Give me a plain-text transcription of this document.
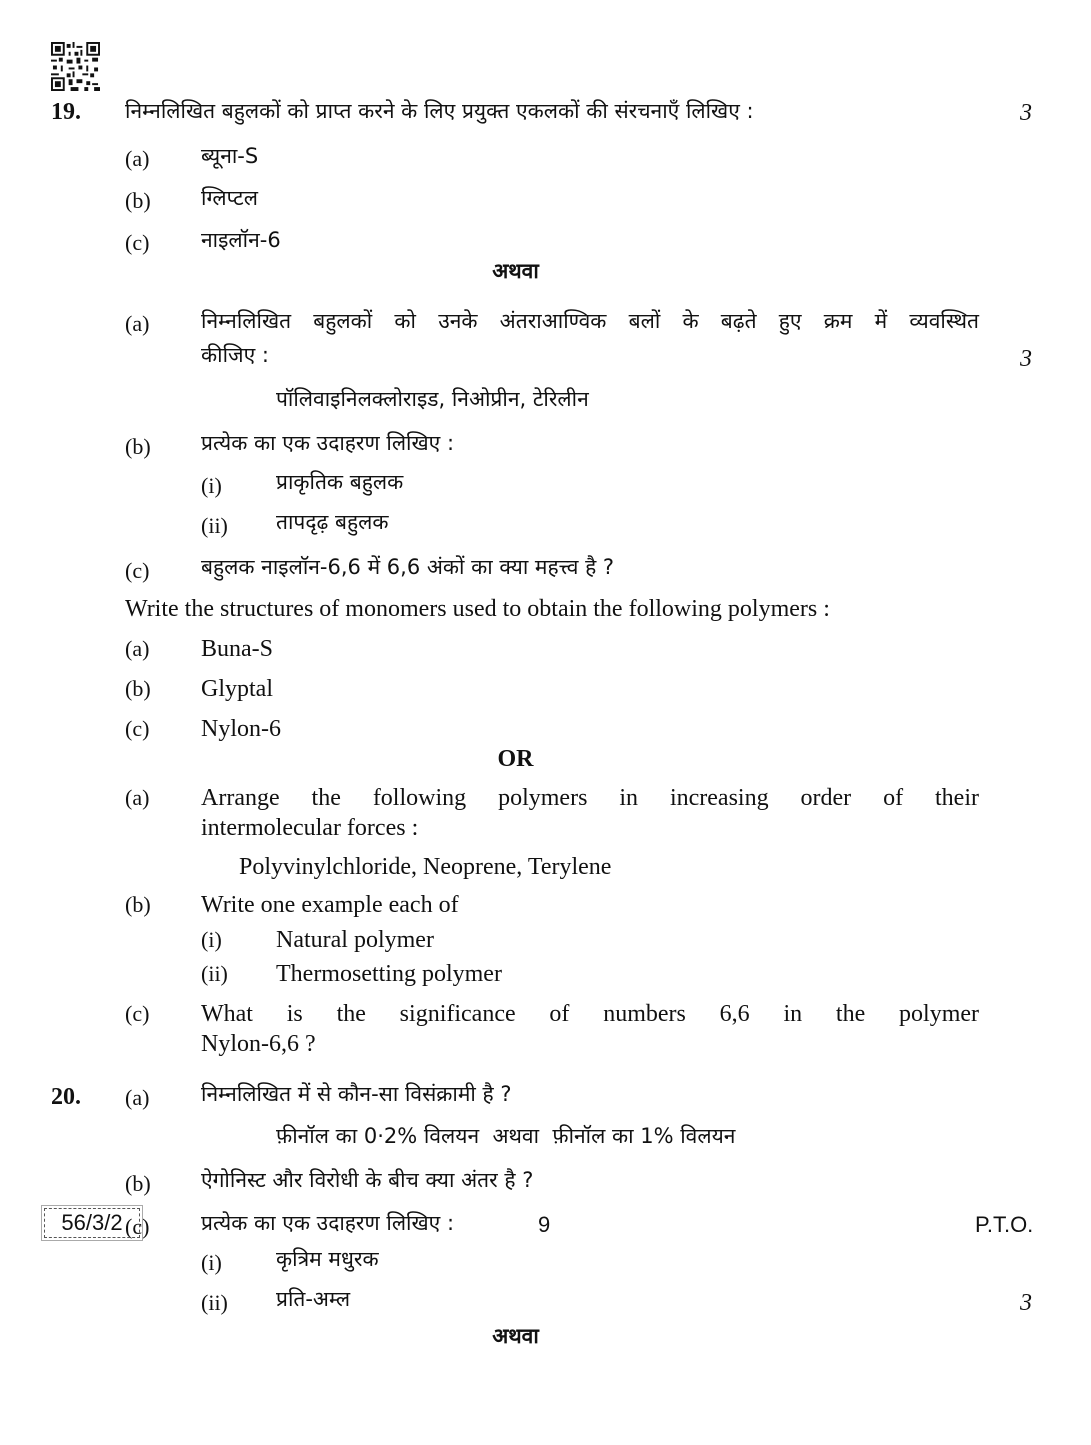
19. निम्नलिखित बहुलकों को प्राप्त करने के लिए प्रयुक्त एकलकों की संरचनाएँ लिखिए :	3
(a) ब्यूना-S
(b) ग्लिप्टल
(c) नाइलॉन-6
अथवा
(a) निम्नलिखित बहुलकों को उनके अंतराआण्विक बलों के बढ़ते हुए क्रम में व्यवस्थित
कीजिए :	3
पॉलिवाइनिलक्लोराइड, निओप्रीन, टेरिलीन
(b) प्रत्येक का एक उदाहरण लिखिए :
(i)	प्राकृतिक बहुलक
(ii) तापदृढ़ बहुलक
(c) बहुलक नाइलॉन-6,6 में 6,6 अंकों का क्या महत्त्व है ?
Write the structures of monomers used to obtain the following polymers :
(a) Buna-S
(b) Glyptal
(c) Nylon-6
OR
(a) Arrange the following polymers in increasing order of their
intermolecular forces :
Polyvinylchloride, Neoprene, Terylene
(b) Write one example each of
(i) Natural polymer
(ii) Thermosetting polymer
(c) What is the significance of numbers 6,6 in the polymer
Nylon-6,6 ?
20. (a) निम्नलिखित में से कौन-सा विसंक्रामी है ?
फ़ीनॉल का 0·2% विलयन  अथवा  फ़ीनॉल का 1% विलयन
(b) ऐगोनिस्ट और विरोधी के बीच क्या अंतर है ?
(c) प्रत्येक का एक उदाहरण लिखिए :
(i)	कृत्रिम मधुरक
(ii) प्रति-अम्ल	3
अथवा
56/3/2	9	P.T.O.
